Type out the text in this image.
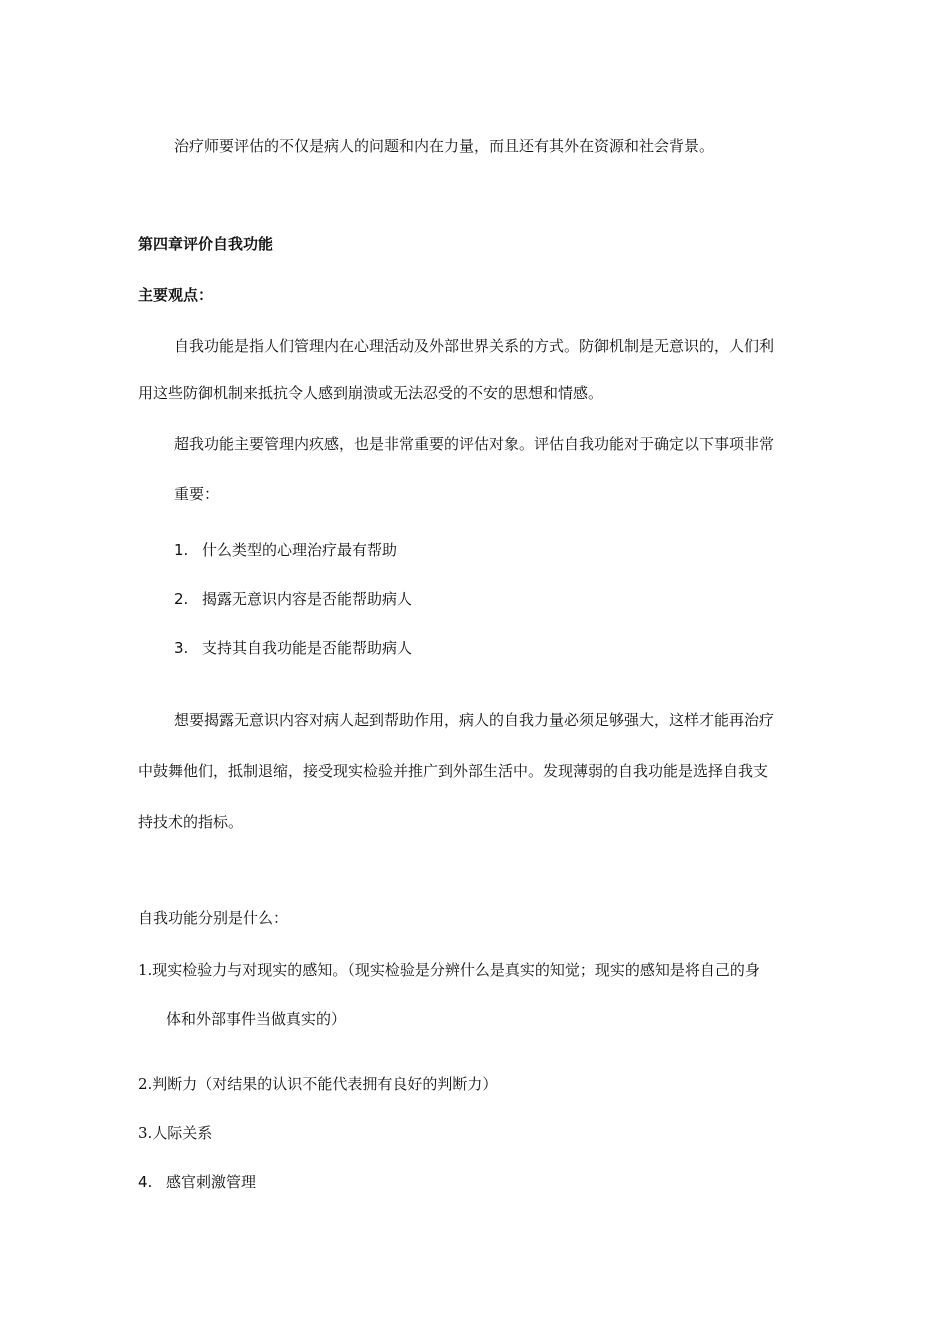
治疗师要评估的不仅是病人的问题和内在力量，而且还有其外在资源和社会背景。
第四章评价自我功能
主要观点：
自我功能是指人们管理内在心理活动及外部世界关系的方式。防御机制是无意识的，人们利
用这些防御机制来抵抗令人感到崩溃或无法忍受的不安的思想和情感。
超我功能主要管理内疚感，也是非常重要的评估对象。评估自我功能对于确定以下事项非常
重要：
1. 什么类型的心理治疗最有帮助
2. 揭露无意识内容是否能帮助病人
3. 支持其自我功能是否能帮助病人
想要揭露无意识内容对病人起到帮助作用，病人的自我力量必须足够强大，这样才能再治疗
中鼓舞他们，抵制退缩，接受现实检验并推广到外部生活中。发现薄弱的自我功能是选择自我支
持技术的指标。
自我功能分别是什么：
1.现实检验力与对现实的感知。（现实检验是分辨什么是真实的知觉；现实的感知是将自己的身
体和外部事件当做真实的）
2.判断力（对结果的认识不能代表拥有良好的判断力）
3.人际关系
4. 感官刺激管理
